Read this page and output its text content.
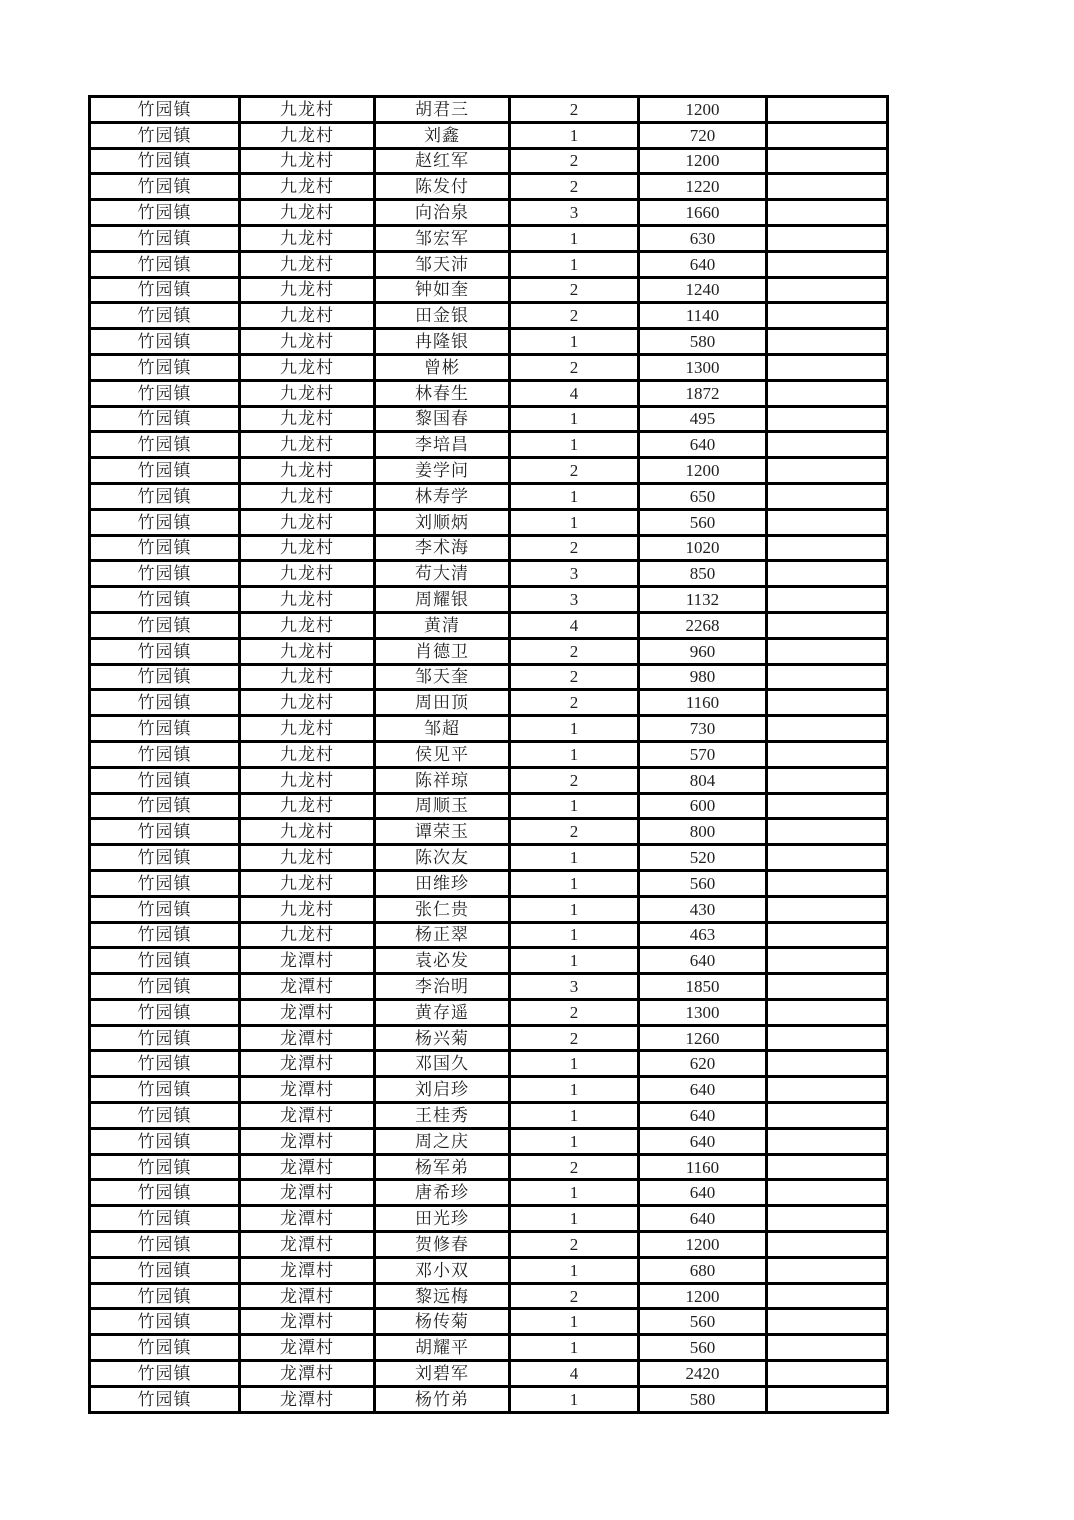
竹园镇	九龙村	胡君三	2	1200	
竹园镇	九龙村	刘鑫	1	720	
竹园镇	九龙村	赵红军	2	1200	
竹园镇	九龙村	陈发付	2	1220	
竹园镇	九龙村	向治泉	3	1660	
竹园镇	九龙村	邹宏军	1	630	
竹园镇	九龙村	邹天沛	1	640	
竹园镇	九龙村	钟如奎	2	1240	
竹园镇	九龙村	田金银	2	1140	
竹园镇	九龙村	冉隆银	1	580	
竹园镇	九龙村	曾彬	2	1300	
竹园镇	九龙村	林春生	4	1872	
竹园镇	九龙村	黎国春	1	495	
竹园镇	九龙村	李培昌	1	640	
竹园镇	九龙村	姜学问	2	1200	
竹园镇	九龙村	林寿学	1	650	
竹园镇	九龙村	刘顺炳	1	560	
竹园镇	九龙村	李术海	2	1020	
竹园镇	九龙村	苟大清	3	850	
竹园镇	九龙村	周耀银	3	1132	
竹园镇	九龙村	黄清	4	2268	
竹园镇	九龙村	肖德卫	2	960	
竹园镇	九龙村	邹天奎	2	980	
竹园镇	九龙村	周田顶	2	1160	
竹园镇	九龙村	邹超	1	730	
竹园镇	九龙村	侯见平	1	570	
竹园镇	九龙村	陈祥琼	2	804	
竹园镇	九龙村	周顺玉	1	600	
竹园镇	九龙村	谭荣玉	2	800	
竹园镇	九龙村	陈次友	1	520	
竹园镇	九龙村	田维珍	1	560	
竹园镇	九龙村	张仁贵	1	430	
竹园镇	九龙村	杨正翠	1	463	
竹园镇	龙潭村	袁必发	1	640	
竹园镇	龙潭村	李治明	3	1850	
竹园镇	龙潭村	黄存遥	2	1300	
竹园镇	龙潭村	杨兴菊	2	1260	
竹园镇	龙潭村	邓国久	1	620	
竹园镇	龙潭村	刘启珍	1	640	
竹园镇	龙潭村	王桂秀	1	640	
竹园镇	龙潭村	周之庆	1	640	
竹园镇	龙潭村	杨军弟	2	1160	
竹园镇	龙潭村	唐希珍	1	640	
竹园镇	龙潭村	田光珍	1	640	
竹园镇	龙潭村	贺修春	2	1200	
竹园镇	龙潭村	邓小双	1	680	
竹园镇	龙潭村	黎远梅	2	1200	
竹园镇	龙潭村	杨传菊	1	560	
竹园镇	龙潭村	胡耀平	1	560	
竹园镇	龙潭村	刘碧军	4	2420	
竹园镇	龙潭村	杨竹弟	1	580	
